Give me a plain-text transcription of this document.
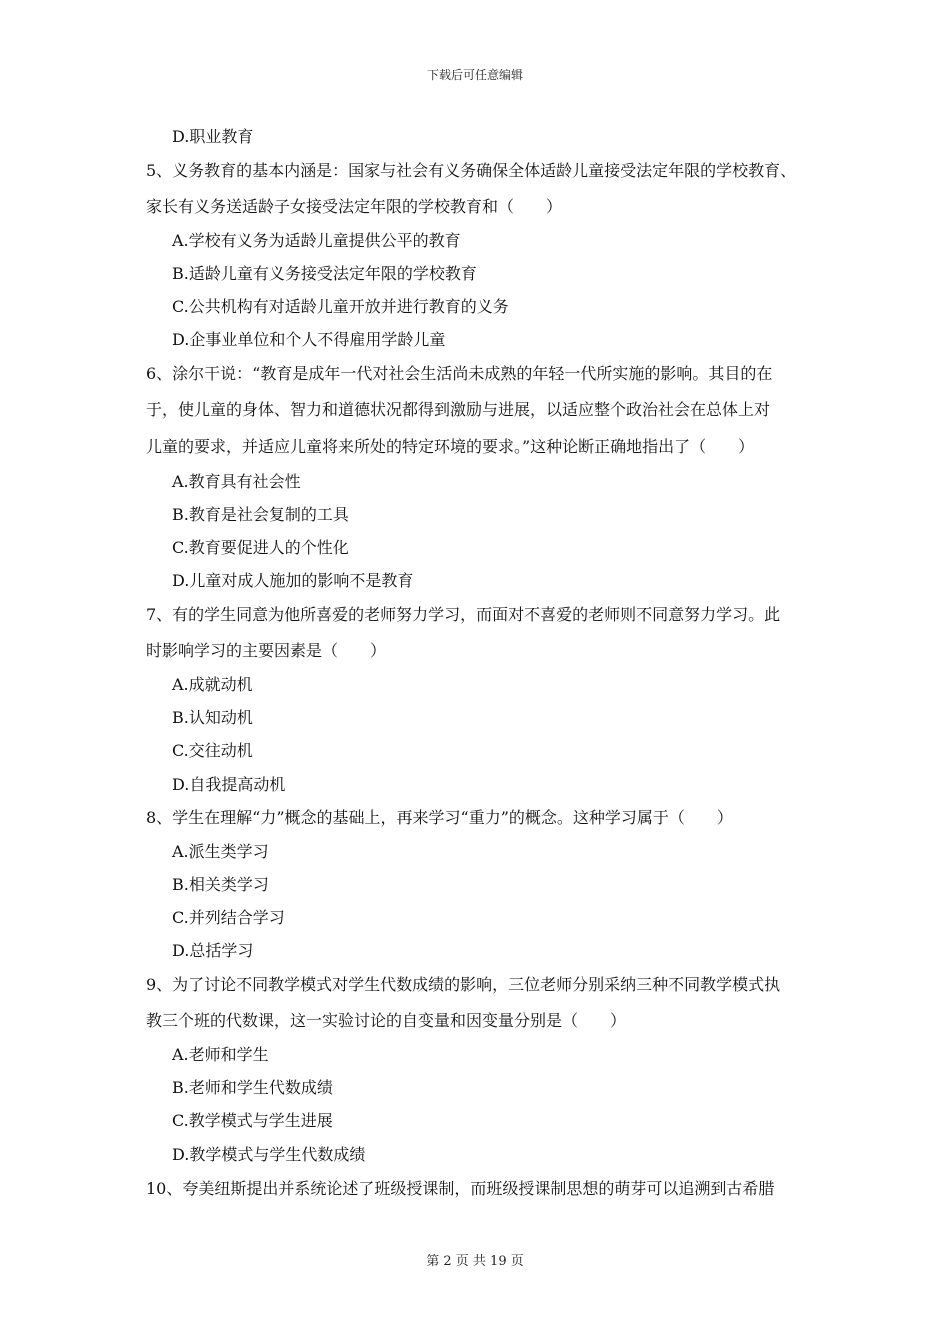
下载后可任意编辑
D.职业教育
5、义务教育的基本内涵是：国家与社会有义务确保全体适龄儿童接受法定年限的学校教育、
家长有义务送适龄子女接受法定年限的学校教育和（　　）
A.学校有义务为适龄儿童提供公平的教育
B.适龄儿童有义务接受法定年限的学校教育
C.公共机构有对适龄儿童开放并进行教育的义务
D.企事业单位和个人不得雇用学龄儿童
6、涂尔干说：“教育是成年一代对社会生活尚未成熟的年轻一代所实施的影响。其目的在
于，使儿童的身体、智力和道德状况都得到激励与进展，以适应整个政治社会在总体上对
儿童的要求，并适应儿童将来所处的特定环境的要求。”这种论断正确地指出了（　　）
A.教育具有社会性
B.教育是社会复制的工具
C.教育要促进人的个性化
D.儿童对成人施加的影响不是教育
7、有的学生同意为他所喜爱的老师努力学习，而面对不喜爱的老师则不同意努力学习。此
时影响学习的主要因素是（　　）
A.成就动机
B.认知动机
C.交往动机
D.自我提高动机
8、学生在理解“力”概念的基础上，再来学习“重力”的概念。这种学习属于（　　）
A.派生类学习
B.相关类学习
C.并列结合学习
D.总括学习
9、为了讨论不同教学模式对学生代数成绩的影响，三位老师分别采纳三种不同教学模式执
教三个班的代数课，这一实验讨论的自变量和因变量分别是（　　）
A.老师和学生
B.老师和学生代数成绩
C.教学模式与学生进展
D.教学模式与学生代数成绩
10、夸美纽斯提出并系统论述了班级授课制，而班级授课制思想的萌芽可以追溯到古希腊
第 2 页 共 19 页
